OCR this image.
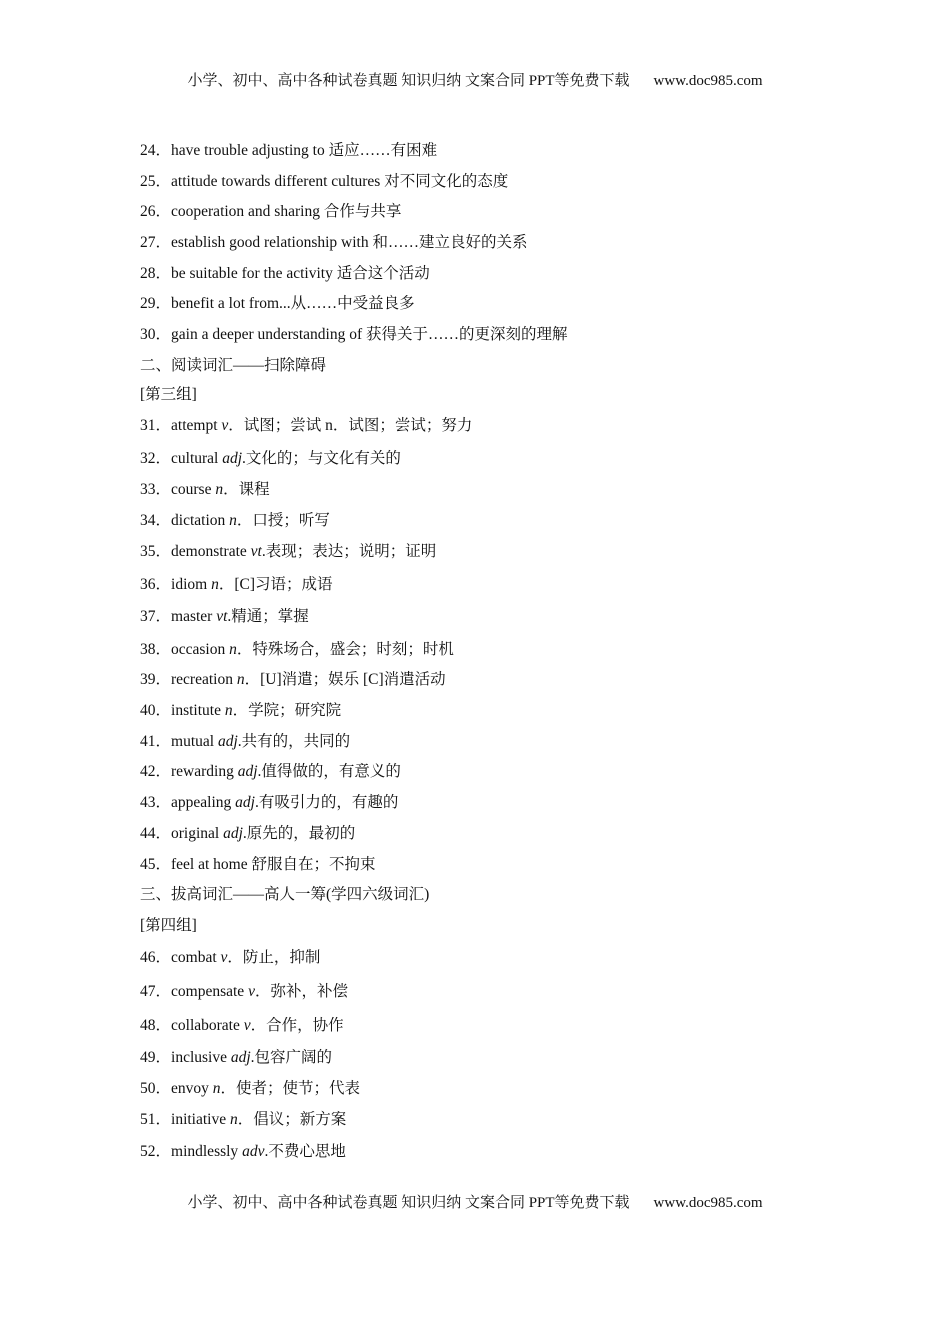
小学、初中、高中各种试卷真题 知识归纳 文案合同 PPT等免费下载 www.doc985.com
24．have trouble adjusting to 适应……有困难
25．attitude towards different cultures 对不同文化的态度
26．cooperation and sharing 合作与共享
27．establish good relationship with 和……建立良好的关系
28．be suitable for the activity 适合这个活动
29．benefit a lot from...从……中受益良多
30．gain a deeper understanding of 获得关于……的更深刻的理解
二、阅读词汇——扫除障碍
[第三组]
31．attempt v．试图；尝试 n．试图；尝试；努力
32．cultural adj.文化的；与文化有关的
33．course n．课程
34．dictation n．口授；听写
35．demonstrate vt.表现；表达；说明；证明
36．idiom n．[C]习语；成语
37．master vt.精通；掌握
38．occasion n．特殊场合，盛会；时刻；时机
39．recreation n．[U]消遣；娱乐 [C]消遣活动
40．institute n．学院；研究院
41．mutual adj.共有的，共同的
42．rewarding adj.值得做的，有意义的
43．appealing adj.有吸引力的，有趣的
44．original adj.原先的，最初的
45．feel at home 舒服自在；不拘束
三、拔高词汇——高人一筹(学四六级词汇)
[第四组]
46．combat v．防止，抑制
47．compensate v．弥补，补偿
48．collaborate v．合作，协作
49．inclusive adj.包容广阔的
50．envoy n．使者；使节；代表
51．initiative n．倡议；新方案
52．mindlessly adv.不费心思地
小学、初中、高中各种试卷真题 知识归纳 文案合同 PPT等免费下载 www.doc985.com
